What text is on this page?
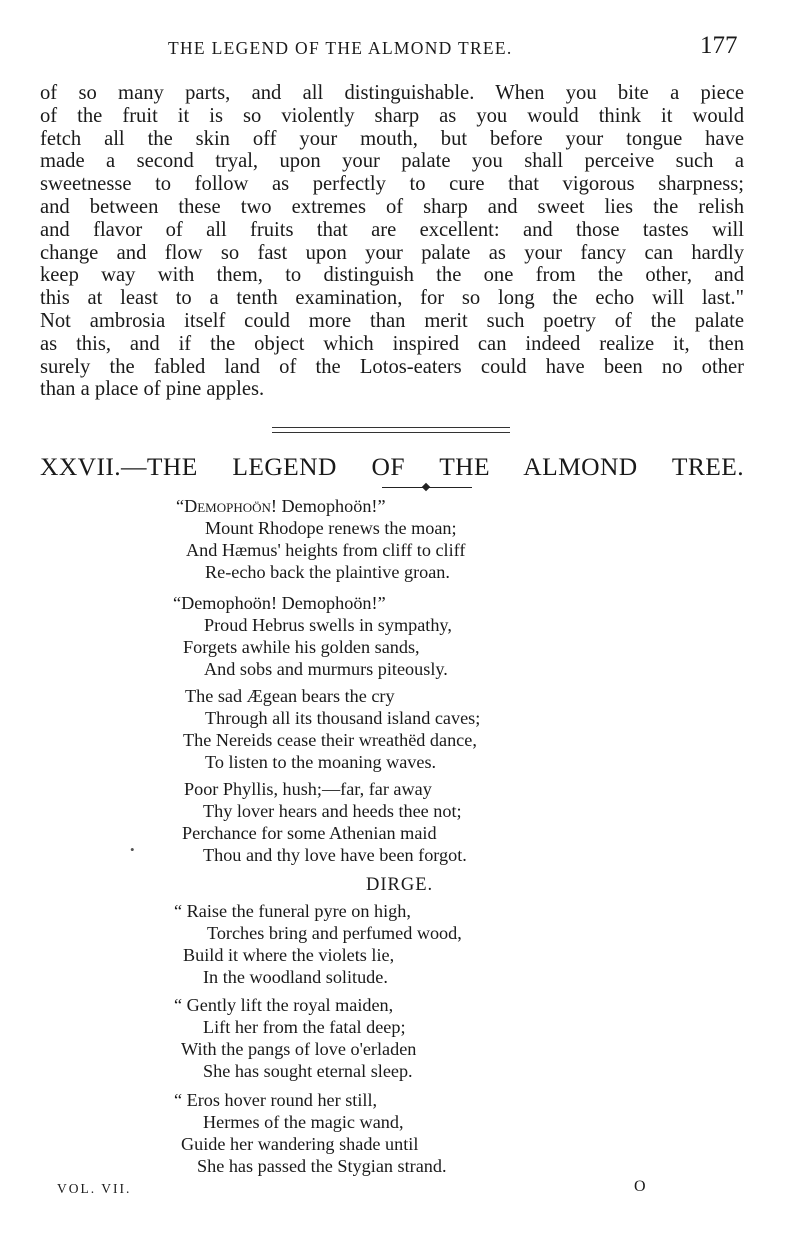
THE LEGEND OF THE ALMOND TREE.	177
of so many parts, and all distinguishable. When you bite a piece
of the fruit it is so violently sharp as you would think it would
fetch all the skin off your mouth, but before your tongue have
made a second tryal, upon your palate you shall perceive such a
sweetnesse to follow as perfectly to cure that vigorous sharpness;
and between these two extremes of sharp and sweet lies the relish
and flavor of all fruits that are excellent: and those tastes will
change and flow so fast upon your palate as your fancy can hardly
keep way with them, to distinguish the one from the other, and
this at least to a tenth examination, for so long the echo will last."
Not ambrosia itself could more than merit such poetry of the palate
as this, and if the object which inspired can indeed realize it, then
surely the fabled land of the Lotos-eaters could have been no other
than a place of pine apples.
XXVII.—THE LEGEND OF THE ALMOND TREE.
“Demophoön! Demophoön!”
Mount Rhodope renews the moan;
And Hæmus' heights from cliff to cliff
Re-echo back the plaintive groan.
“Demophoön! Demophoön!”
Proud Hebrus swells in sympathy,
Forgets awhile his golden sands,
And sobs and murmurs piteously.
The sad Ægean bears the cry
Through all its thousand island caves;
The Nereids cease their wreathëd dance,
To listen to the moaning waves.
Poor Phyllis, hush;—far, far away
Thy lover hears and heeds thee not;
Perchance for some Athenian maid
Thou and thy love have been forgot.
•
DIRGE.
“ Raise the funeral pyre on high,
Torches bring and perfumed wood,
Build it where the violets lie,
In the woodland solitude.
“ Gently lift the royal maiden,
Lift her from the fatal deep;
With the pangs of love o'erladen
She has sought eternal sleep.
“ Eros hover round her still,
Hermes of the magic wand,
Guide her wandering shade until
She has passed the Stygian strand.
VOL. VII.	O
